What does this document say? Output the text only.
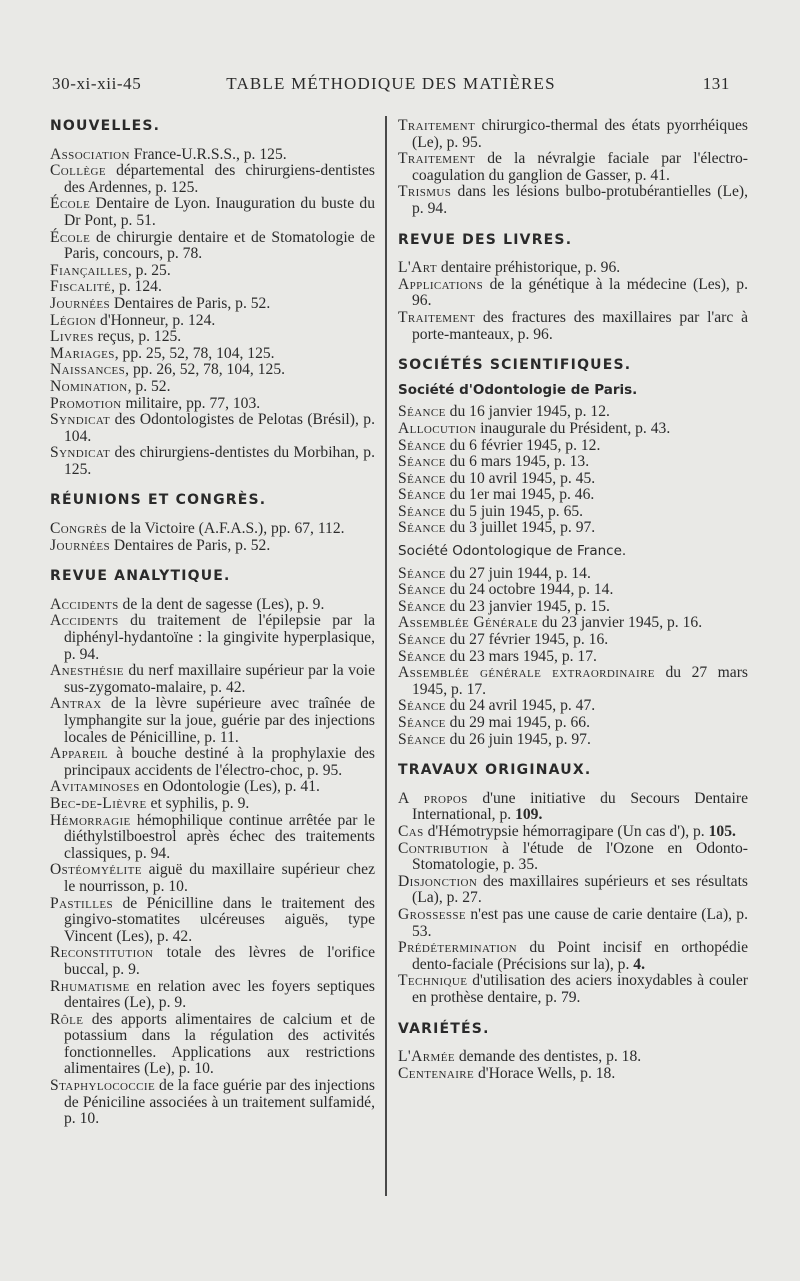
30-xi-xii-45	TABLE MÉTHODIQUE DES MATIÈRES	131
NOUVELLES.

Association France-U.R.S.S., p. 125.

Collège départemental des chirurgiens-dentistes des Ardennes, p. 125.

École Dentaire de Lyon. Inauguration du buste du Dr Pont, p. 51.

École de chirurgie dentaire et de Stomatologie de Paris, concours, p. 78.

Fiançailles, p. 25.

Fiscalité, p. 124.

Journées Dentaires de Paris, p. 52.

Légion d'Honneur, p. 124.

Livres reçus, p. 125.

Mariages, pp. 25, 52, 78, 104, 125.

Naissances, pp. 26, 52, 78, 104, 125.

Nomination, p. 52.

Promotion militaire, pp. 77, 103.

Syndicat des Odontologistes de Pelotas (Brésil), p. 104.

Syndicat des chirurgiens-dentistes du Morbihan, p. 125.

RÉUNIONS ET CONGRÈS.

Congrès de la Victoire (A.F.A.S.), pp. 67, 112.

Journées Dentaires de Paris, p. 52.

REVUE ANALYTIQUE.

Accidents de la dent de sagesse (Les), p. 9.

Accidents du traitement de l'épilepsie par la diphényl-hydantoïne : la gingivite hyperplasique, p. 94.

Anesthésie du nerf maxillaire supérieur par la voie sus-zygomato-malaire, p. 42.

Antrax de la lèvre supérieure avec traînée de lymphangite sur la joue, guérie par des injections locales de Pénicilline, p. 11.

Appareil à bouche destiné à la prophylaxie des principaux accidents de l'électro-choc, p. 95.

Avitaminoses en Odontologie (Les), p. 41.

Bec-de-Lièvre et syphilis, p. 9.

Hémorragie hémophilique continue arrêtée par le diéthylstilboestrol après échec des traitements classiques, p. 94.

Ostéomyélite aiguë du maxillaire supérieur chez le nourrisson, p. 10.

Pastilles de Pénicilline dans le traitement des gingivo-stomatites ulcéreuses aiguës, type Vincent (Les), p. 42.

Reconstitution totale des lèvres de l'orifice buccal, p. 9.

Rhumatisme en relation avec les foyers septiques dentaires (Le), p. 9.

Rôle des apports alimentaires de calcium et de potassium dans la régulation des activités fonctionnelles. Applications aux restrictions alimentaires (Le), p. 10.

Staphylococcie de la face guérie par des injections de Péniciline associées à un traitement sulfamidé, p. 10.

Traitement chirurgico-thermal des états pyorrhéiques (Le), p. 95.

Traitement de la névralgie faciale par l'électro-coagulation du ganglion de Gasser, p. 41.

Trismus dans les lésions bulbo-protubérantielles (Le), p. 94.

REVUE DES LIVRES.

L'Art dentaire préhistorique, p. 96.

Applications de la génétique à la médecine (Les), p. 96.

Traitement des fractures des maxillaires par l'arc à porte-manteaux, p. 96.

SOCIÉTÉS SCIENTIFIQUES.
Société d'Odontologie de Paris.

Séance du 16 janvier 1945, p. 12.

Allocution inaugurale du Président, p. 43.

Séance du 6 février 1945, p. 12.

Séance du 6 mars 1945, p. 13.

Séance du 10 avril 1945, p. 45.

Séance du 1er mai 1945, p. 46.

Séance du 5 juin 1945, p. 65.

Séance du 3 juillet 1945, p. 97.

Société Odontologique de France.

Séance du 27 juin 1944, p. 14.

Séance du 24 octobre 1944, p. 14.

Séance du 23 janvier 1945, p. 15.

Assemblée Générale du 23 janvier 1945, p. 16.

Séance du 27 février 1945, p. 16.

Séance du 23 mars 1945, p. 17.

Assemblée générale extraordinaire du 27 mars 1945, p. 17.

Séance du 24 avril 1945, p. 47.

Séance du 29 mai 1945, p. 66.

Séance du 26 juin 1945, p. 97.

TRAVAUX ORIGINAUX.

A propos d'une initiative du Secours Dentaire International, p. 109.

Cas d'Hémotrypsie hémorragipare (Un cas d'), p. 105.

Contribution à l'étude de l'Ozone en Odonto-Stomatologie, p. 35.

Disjonction des maxillaires supérieurs et ses résultats (La), p. 27.

Grossesse n'est pas une cause de carie dentaire (La), p. 53.

Prédétermination du Point incisif en orthopédie dento-faciale (Précisions sur la), p. 4.

Technique d'utilisation des aciers inoxydables à couler en prothèse dentaire, p. 79.

VARIÉTÉS.

L'Armée demande des dentistes, p. 18.

Centenaire d'Horace Wells, p. 18.
